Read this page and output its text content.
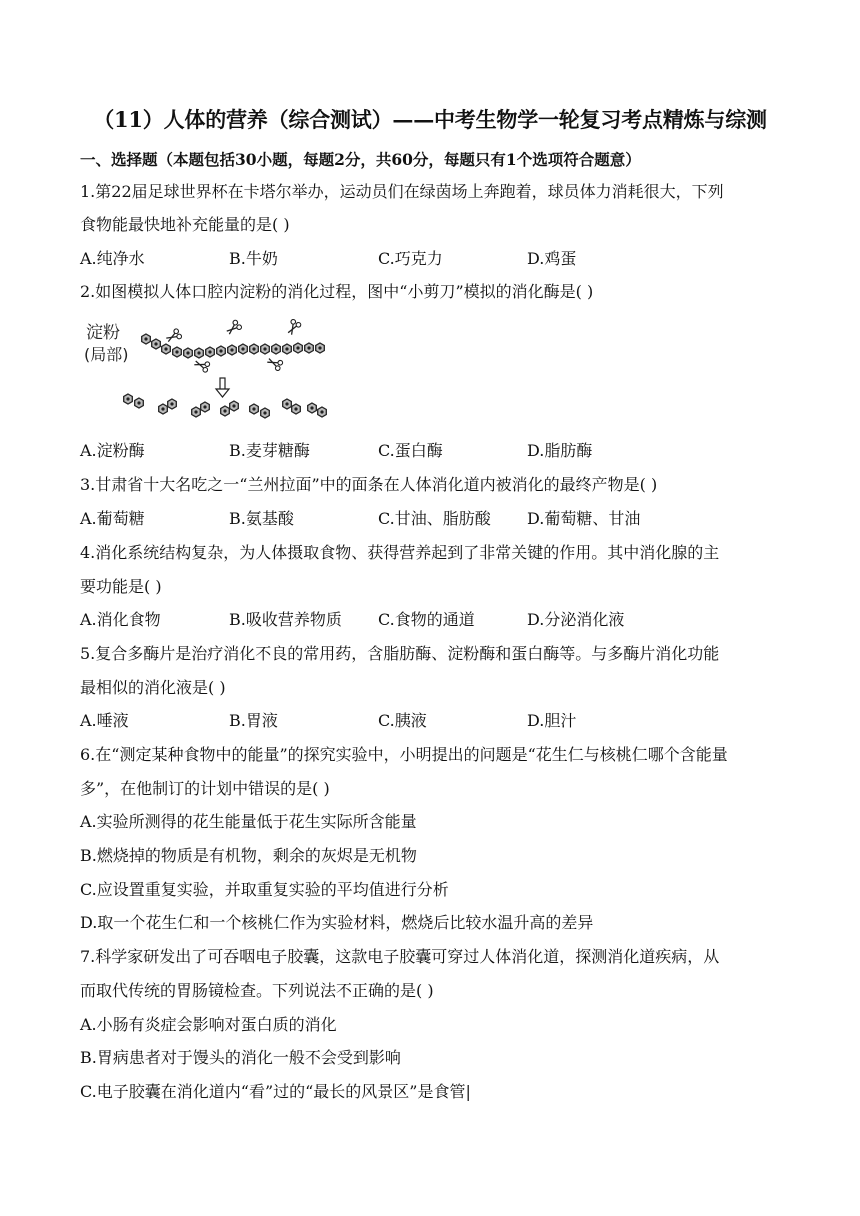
（11）人体的营养（综合测试）——中考生物学一轮复习考点精炼与综测
一、选择题（本题包括30小题，每题2分，共60分，每题只有1个选项符合题意）
1.第22届足球世界杯在卡塔尔举办，运动员们在绿茵场上奔跑着，球员体力消耗很大，下列
食物能最快地补充能量的是( )
A.纯净水	B.牛奶	C.巧克力	D.鸡蛋
2.如图模拟人体口腔内淀粉的消化过程，图中“小剪刀”模拟的消化酶是( )
淀粉
(局部)
A.淀粉酶	B.麦芽糖酶	C.蛋白酶	D.脂肪酶
3.甘肃省十大名吃之一“兰州拉面”中的面条在人体消化道内被消化的最终产物是( )
A.葡萄糖	B.氨基酸	C.甘油、脂肪酸 D.葡萄糖、甘油
4.消化系统结构复杂，为人体摄取食物、获得营养起到了非常关键的作用。其中消化腺的主
要功能是( )
A.消化食物	B.吸收营养物质 C.食物的通道	D.分泌消化液
5.复合多酶片是治疗消化不良的常用药，含脂肪酶、淀粉酶和蛋白酶等。与多酶片消化功能
最相似的消化液是( )
A.唾液	B.胃液	C.胰液	D.胆汁
6.在“测定某种食物中的能量”的探究实验中，小明提出的问题是“花生仁与核桃仁哪个含能量
多”，在他制订的计划中错误的是( )
A.实验所测得的花生能量低于花生实际所含能量
B.燃烧掉的物质是有机物，剩余的灰烬是无机物
C.应设置重复实验，并取重复实验的平均值进行分析
D.取一个花生仁和一个核桃仁作为实验材料，燃烧后比较水温升高的差异
7.科学家研发出了可吞咽电子胶囊，这款电子胶囊可穿过人体消化道，探测消化道疾病，从
而取代传统的胃肠镜检查。下列说法不正确的是( )
A.小肠有炎症会影响对蛋白质的消化
B.胃病患者对于馒头的消化一般不会受到影响
C.电子胶囊在消化道内“看”过的“最长的风景区”是食管|
